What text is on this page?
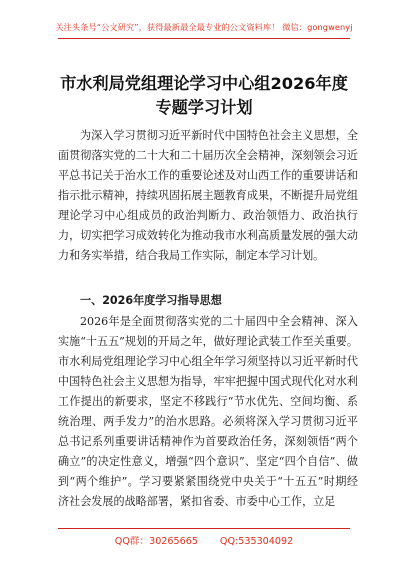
关注头条号“公文研究”，获得最新最全最专业的公文资料库！ 微信：gongwenyj
市水利局党组理论学习中心组2026年度
专题学习计划

为深入学习贯彻习近平新时代中国特色社会主义思想，全面贯彻落实党的二十大和二十届历次全会精神，深刻领会习近平总书记关于治水工作的重要论述及对山西工作的重要讲话和指示批示精神，持续巩固拓展主题教育成果，不断提升局党组理论学习中心组成员的政治判断力、政治领悟力、政治执行力，切实把学习成效转化为推动我市水利高质量发展的强大动力和务实举措，结合我局工作实际，制定本学习计划。

一、2026年度学习指导思想

2026年是全面贯彻落实党的二十届四中全会精神、深入实施“十五五”规划的开局之年，做好理论武装工作至关重要。市水利局党组理论学习中心组全年学习须坚持以习近平新时代中国特色社会主义思想为指导，牢牢把握中国式现代化对水利工作提出的新要求，坚定不移践行“节水优先、空间均衡、系统治理、两手发力”的治水思路。必须将深入学习贯彻习近平总书记系列重要讲话精神作为首要政治任务，深刻领悟“两个确立”的决定性意义，增强“四个意识”、坚定“四个自信”、做到“两个维护”。学习要紧紧围绕党中央关于“十五五”时期经济社会发展的战略部署，紧扣省委、市委中心工作，立足

QQ群：30265665 QQ:535304092
